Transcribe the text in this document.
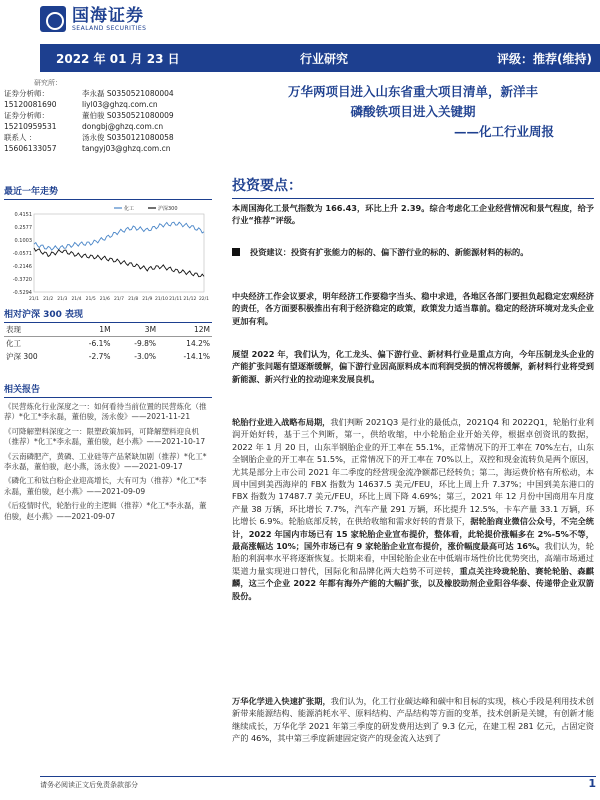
国海证券
SEALAND SECURITIES
2022 年 01 月 23 日	行业研究	评级：推荐(维持)
研究所：
证券分析师：	李永磊 S0350521080004
15120081690	liyl03@ghzq.com.cn
证券分析师：	董伯骏 S0350521080009
15210959531	dongbj@ghzq.com.cn
联系人 ：	汤永俊 S0350121080058
15606133057	tangyj03@ghzq.com.cn
最近一年走势
0.4151
0.2577
0.1003
-0.0571
-0.2146
-0.3720
-0.5294
21/1 21/2 21/3 21/4 21/5 21/6 21/7 21/8 21/9 21/10 21/11 21/12 22/1
化工	沪深300
相对沪深 300 表现
表现	1M	3M	12M
化工	-6.1%	-9.8%	14.2%
沪深 300	-2.7%	-3.0%	-14.1%
相关报告
《民营炼化行业深度之一：如何看待当前位置的民营炼化（推荐）*化工*李永磊，董伯骏，汤永俊》——2021-11-21
《可降解塑料深度之一：限塑政策加码，可降解塑料迎良机（推荐）*化工*李永磊，董伯骏，赵小燕》——2021-10-17
《云南磷肥产，黄磷、工业硅等产品紧缺加剧（推荐）*化工*李永磊，董伯骏，赵小燕，汤永俊》——2021-09-17
《磷化工和钛白粉企业迎高增长，大有可为（推荐）*化工*李永磊，董伯骏，赵小燕》——2021-09-09
《后疫情时代，轮胎行业的主逻辑（推荐）*化工*李永磊，董伯骏，赵小燕》——2021-09-07
万华两项目进入山东省重大项目清单，新洋丰
磷酸铁项目进入关键期
——化工行业周报
投资要点：
本周国海化工景气指数为 166.43，环比上升 2.39。综合考虑化工企业经营情况和景气程度，给予行业“推荐”评级。
投资建议：投资有扩张能力的标的、偏下游行业的标的、新能源材料的标的。
中央经济工作会议要求，明年经济工作要稳字当头、稳中求进，各地区各部门要担负起稳定宏观经济的责任，各方面要积极推出有利于经济稳定的政策，政策发力适当靠前。稳定的经济环境对龙头企业更加有利。
展望 2022 年，我们认为，化工龙头、偏下游行业、新材料行业是重点方向，今年压制龙头企业的产能扩张问题有望逐渐缓解，偏下游行业因高原料成本而利润受损的情况将缓解，新材料行业将受到新能源、新兴行业的拉动迎来发展良机。
轮胎行业进入战略布局期，我们判断 2021Q3 是行业的最低点，2021Q4 和 2022Q1，轮胎行业利润开始好转，基于三个判断，第一，供给收缩，中小轮胎企业开始关停，根据卓创资讯的数据，2022 年 1 月 20 日，山东半钢胎企业的开工率在 55.1%，正常情况下的开工率在 70%左右，山东全钢胎企业的开工率在 51.5%，正常情况下的开工率在 70%以上，双控和现金流转负是两个原因，尤其是部分上市公司 2021 年二季度的经营现金流净额都已经转负；第二，海运费价格有所松动，本周中国到美西海岸的 FBX 指数为 14637.5 美元/FEU，环比上周上升 7.37%；中国到美东港口的 FBX 指数为 17487.7 美元/FEU，环比上周下降 4.69%；第三，2021 年 12 月份中国商用车月度产量 38 万辆，环比增长 7.7%，汽车产量 291 万辆，环比提升 12.5%，卡车产量 33.1 万辆，环比增长 6.9%。轮胎底部反转，在供给收缩和需求好转的背景下，据轮胎商业微信公众号，不完全统计，2022 年国内市场已有 15 家轮胎企业宣布提价，整体看，此轮提价涨幅多在 2%-5%不等，最高涨幅达 10%；国外市场已有 9 家轮胎企业宣布提价，涨价幅度最高可达 16%。我们认为，轮胎的利润率水平将逐渐恢复。长期来看，中国轮胎企业在中低端市场性价比优势突出，高端市场通过渠道力量实现进口替代，国际化和品牌化两大趋势不可逆转，重点关注玲珑轮胎、赛轮轮胎、森麒麟，这三个企业 2022 年都有海外产能的大幅扩张，以及橡胶助剂企业阳谷华泰、传递带企业双箭股份。
万华化学进入快速扩张期，我们认为，化工行业碳达峰和碳中和目标的实现，核心手段是利用技术创新带来能源结构、能源消耗水平、原料结构、产品结构等方面的变革，技术创新是关键，有创新才能继续成长，万华化学 2021 年第三季度的研发费用达到了 9.3 亿元，在建工程 281 亿元，占固定资产的 46%，其中第三季度新建固定资产的现金流入达到了
请务必阅读正文后免责条款部分	1
